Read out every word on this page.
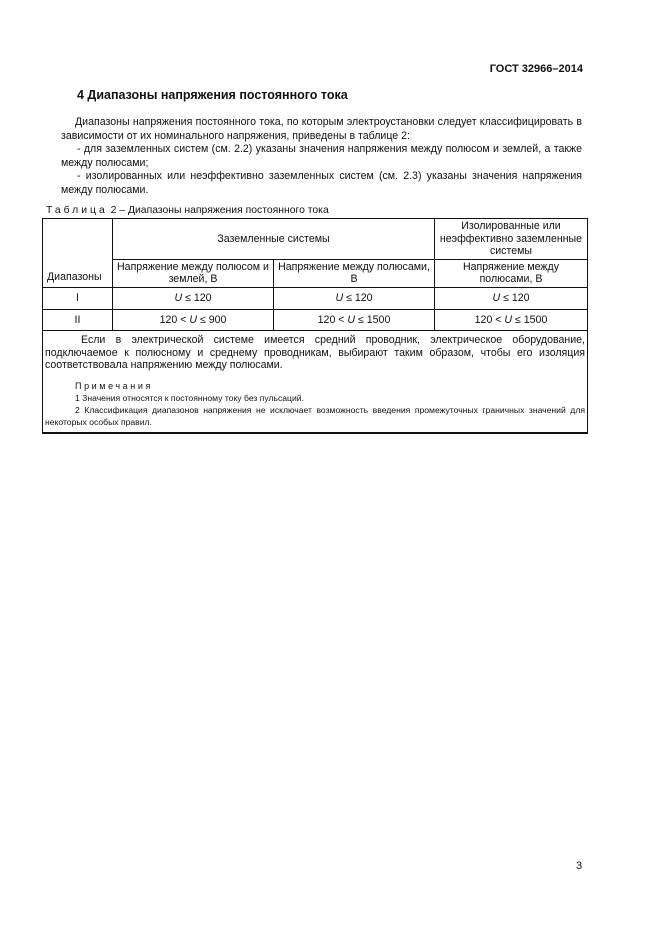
ГОСТ 32966–2014
4 Диапазоны напряжения постоянного тока

Диапазоны напряжения постоянного тока, по которым электроустановки следует классифицировать в зависимости от их номинального напряжения, приведены в таблице 2:

- для заземленных систем (см. 2.2) указаны значения напряжения между полюсом и землей, а также между полюсами;

- изолированных или неэффективно заземленных систем (см. 2.3) указаны значения напряжения между полюсами.

Таблица 2 – Диапазоны напряжения постоянного тока
Диапазоны	Заземленные системы		Изолированные или неэффективно заземленные системы
	Напряжение между полюсом и землей, В	Напряжение между полюсами, В	Напряжение между полюсами, В
I	U ≤ 120	U ≤ 120	U ≤ 120
II	120 < U ≤ 900	120 < U ≤ 1500	120 < U ≤ 1500

Если в электрической системе имеется средний проводник, электрическое оборудование, подключаемое к полюсному и среднему проводникам, выбирают таким образом, чтобы его изоляция соответствовала напряжению между полюсами.
Примечания
1 Значения относятся к постоянному току без пульсаций.
2 Классификация диапазонов напряжения не исключает возможность введения промежуточных граничных значений для некоторых особых правил.			
3
